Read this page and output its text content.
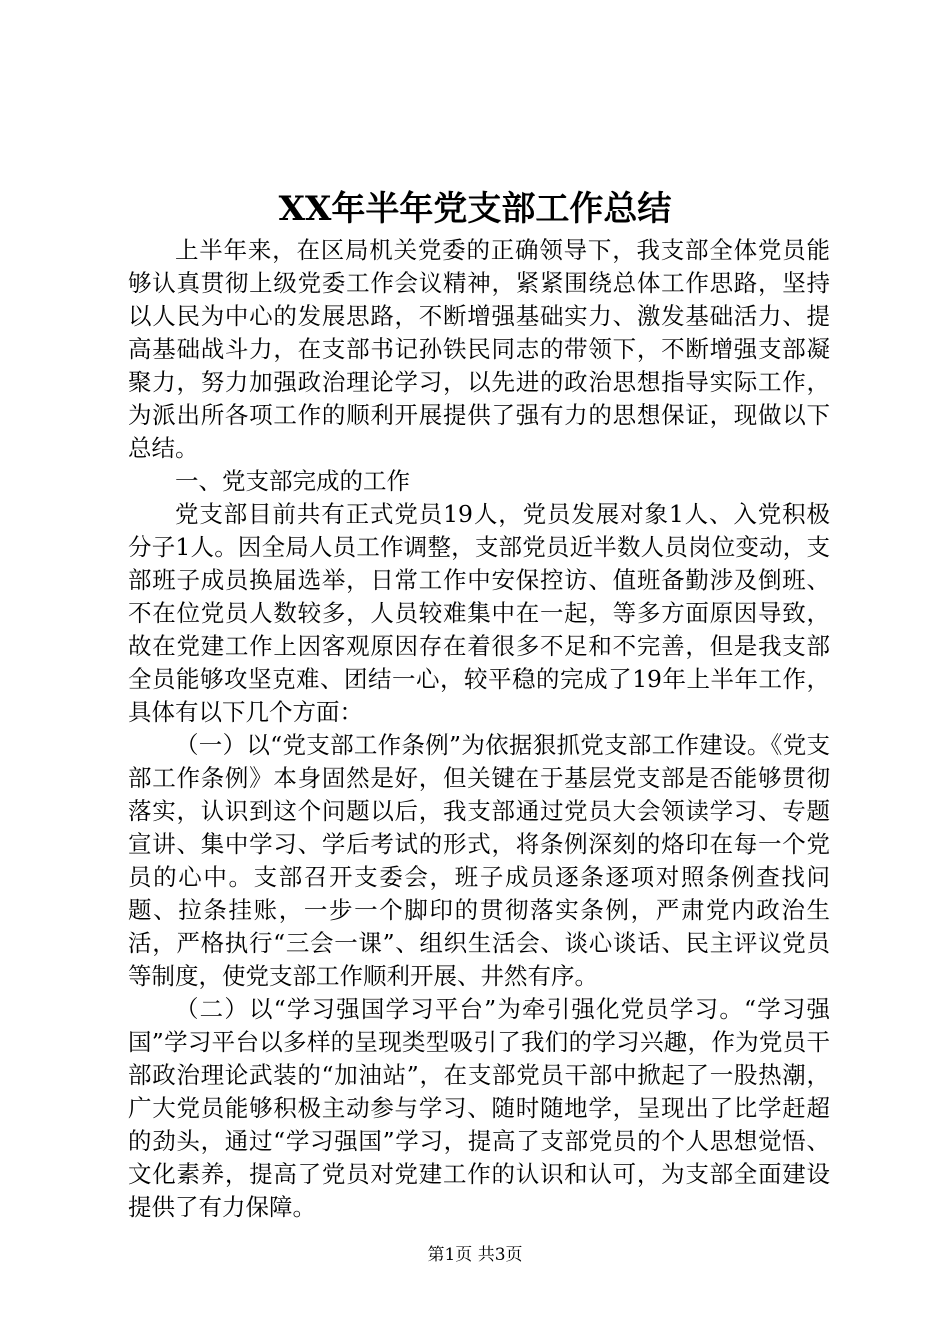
XX年半年党支部工作总结

上半年来，在区局机关党委的正确领导下，我支部全体党员能够认真贯彻上级党委工作会议精神，紧紧围绕总体工作思路，坚持以人民为中心的发展思路，不断增强基础实力、激发基础活力、提高基础战斗力，在支部书记孙铁民同志的带领下，不断增强支部凝聚力，努力加强政治理论学习，以先进的政治思想指导实际工作，为派出所各项工作的顺利开展提供了强有力的思想保证，现做以下总结。

一、党支部完成的工作

党支部目前共有正式党员19人，党员发展对象1人、入党积极分子1人。因全局人员工作调整，支部党员近半数人员岗位变动，支部班子成员换届选举，日常工作中安保控访、值班备勤涉及倒班、不在位党员人数较多，人员较难集中在一起，等多方面原因导致，故在党建工作上因客观原因存在着很多不足和不完善，但是我支部全员能够攻坚克难、团结一心，较平稳的完成了19年上半年工作，具体有以下几个方面：

（一）以“党支部工作条例”为依据狠抓党支部工作建设。《党支部工作条例》本身固然是好，但关键在于基层党支部是否能够贯彻落实，认识到这个问题以后，我支部通过党员大会领读学习、专题宣讲、集中学习、学后考试的形式，将条例深刻的烙印在每一个党员的心中。支部召开支委会，班子成员逐条逐项对照条例查找问题、拉条挂账，一步一个脚印的贯彻落实条例，严肃党内政治生活，严格执行“三会一课”、组织生活会、谈心谈话、民主评议党员等制度，使党支部工作顺利开展、井然有序。

（二）以“学习强国学习平台”为牵引强化党员学习。“学习强国”学习平台以多样的呈现类型吸引了我们的学习兴趣，作为党员干部政治理论武装的“加油站”，在支部党员干部中掀起了一股热潮，广大党员能够积极主动参与学习、随时随地学，呈现出了比学赶超的劲头，通过“学习强国”学习，提高了支部党员的个人思想觉悟、文化素养，提高了党员对党建工作的认识和认可，为支部全面建设提供了有力保障。

第1页 共3页
